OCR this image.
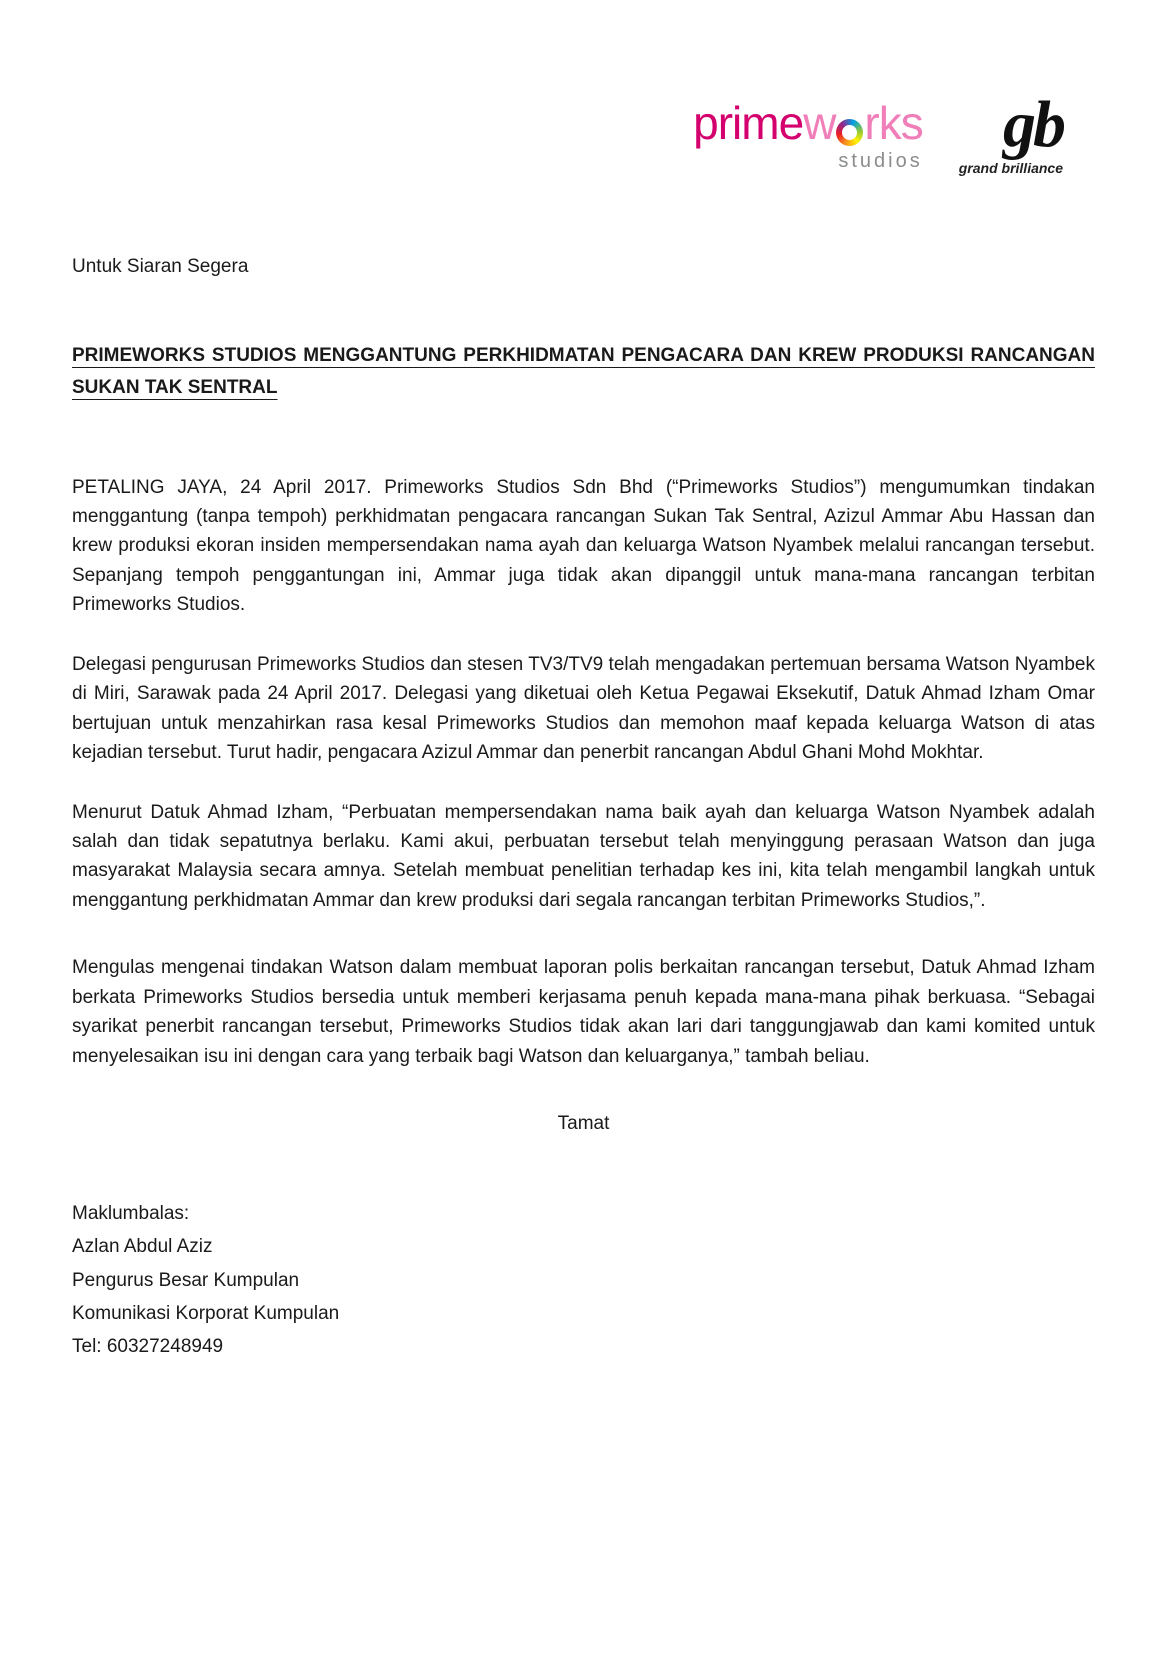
primew rks
studios gb
grand brilliance
Untuk Siaran Segera
PRIMEWORKS STUDIOS MENGGANTUNG PERKHIDMATAN PENGACARA DAN KREW PRODUKSI RANCANGAN SUKAN TAK SENTRAL

PETALING JAYA, 24 April 2017. Primeworks Studios Sdn Bhd (“Primeworks Studios”) mengumumkan tindakan menggantung (tanpa tempoh) perkhidmatan pengacara rancangan Sukan Tak Sentral, Azizul Ammar Abu Hassan dan krew produksi ekoran insiden mempersendakan nama ayah dan keluarga Watson Nyambek melalui rancangan tersebut. Sepanjang tempoh penggantungan ini, Ammar juga tidak akan dipanggil untuk mana-mana rancangan terbitan Primeworks Studios.

Delegasi pengurusan Primeworks Studios dan stesen TV3/TV9 telah mengadakan pertemuan bersama Watson Nyambek di Miri, Sarawak pada 24 April 2017. Delegasi yang diketuai oleh Ketua Pegawai Eksekutif, Datuk Ahmad Izham Omar bertujuan untuk menzahirkan rasa kesal Primeworks Studios dan memohon maaf kepada keluarga Watson di atas kejadian tersebut. Turut hadir, pengacara Azizul Ammar dan penerbit rancangan Abdul Ghani Mohd Mokhtar.

Menurut Datuk Ahmad Izham, “Perbuatan mempersendakan nama baik ayah dan keluarga Watson Nyambek adalah salah dan tidak sepatutnya berlaku. Kami akui, perbuatan tersebut telah menyinggung perasaan Watson dan juga masyarakat Malaysia secara amnya. Setelah membuat penelitian terhadap kes ini, kita telah mengambil langkah untuk menggantung perkhidmatan Ammar dan krew produksi dari segala rancangan terbitan Primeworks Studios,”.

Mengulas mengenai tindakan Watson dalam membuat laporan polis berkaitan rancangan tersebut, Datuk Ahmad Izham berkata Primeworks Studios bersedia untuk memberi kerjasama penuh kepada mana-mana pihak berkuasa. “Sebagai syarikat penerbit rancangan tersebut, Primeworks Studios tidak akan lari dari tanggungjawab dan kami komited untuk menyelesaikan isu ini dengan cara yang terbaik bagi Watson dan keluarganya,” tambah beliau.

Tamat
Maklumbalas:
Azlan Abdul Aziz
Pengurus Besar Kumpulan
Komunikasi Korporat Kumpulan
Tel: 60327248949
